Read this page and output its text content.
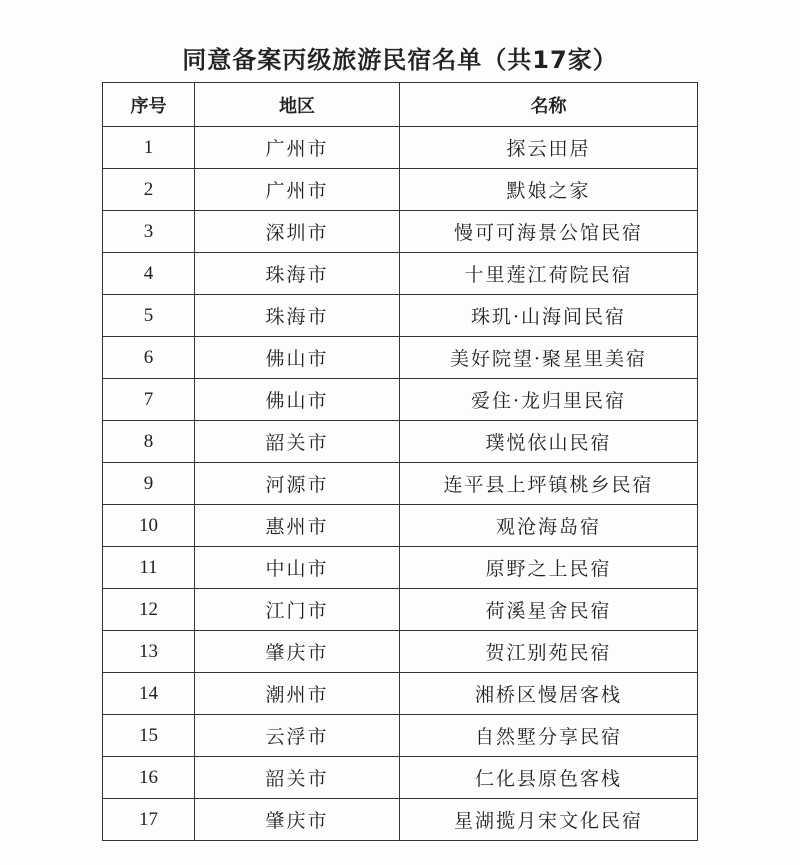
同意备案丙级旅游民宿名单（共17家）
序号	地区	名称
1	广州市	探云田居
2	广州市	默娘之家
3	深圳市	慢可可海景公馆民宿
4	珠海市	十里莲江荷院民宿
5	珠海市	珠玑·山海间民宿
6	佛山市	美好院望·聚星里美宿
7	佛山市	爱住·龙归里民宿
8	韶关市	璞悦依山民宿
9	河源市	连平县上坪镇桃乡民宿
10	惠州市	观沧海岛宿
11	中山市	原野之上民宿
12	江门市	荷溪星舍民宿
13	肇庆市	贺江别苑民宿
14	潮州市	湘桥区慢居客栈
15	云浮市	自然墅分享民宿
16	韶关市	仁化县原色客栈
17	肇庆市	星湖揽月宋文化民宿
